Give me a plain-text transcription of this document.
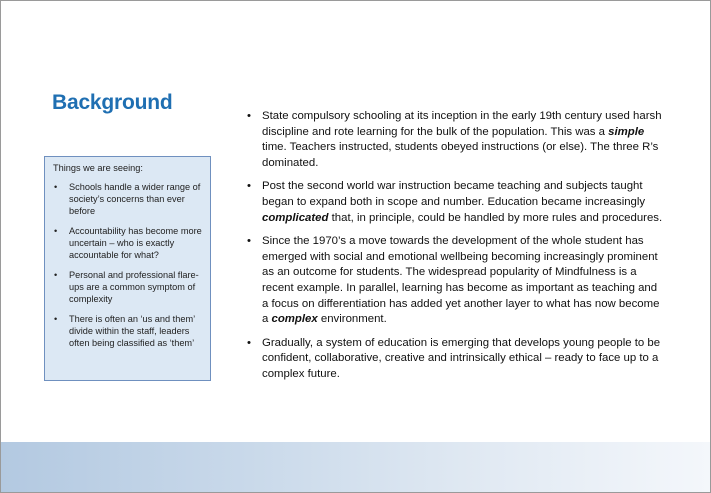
Background

Things we are seeing:

• Schools handle a wider range of society’s concerns than ever before
• Accountability has become more uncertain – who is exactly accountable for what?
• Personal and professional flare-ups are a common symptom of complexity
• There is often an ‘us and them’ divide within the staff, leaders often being classified as ‘them’
• State compulsory schooling at its inception in the early 19th century used harsh discipline and rote learning for the bulk of the population. This was a simple time. Teachers instructed, students obeyed instructions (or else). The three R’s dominated.
• Post the second world war instruction became teaching and subjects taught began to expand both in scope and number. Education became increasingly complicated that, in principle, could be handled by more rules and procedures.
• Since the 1970’s a move towards the development of the whole student has emerged with social and emotional wellbeing becoming increasingly prominent as an outcome for students. The widespread popularity of Mindfulness is a recent example. In parallel, learning has become as important as teaching and a focus on differentiation has added yet another layer to what has now become a complex environment.
• Gradually, a system of education is emerging that develops young people to be confident, collaborative, creative and intrinsically ethical – ready to face up to a complex future.
